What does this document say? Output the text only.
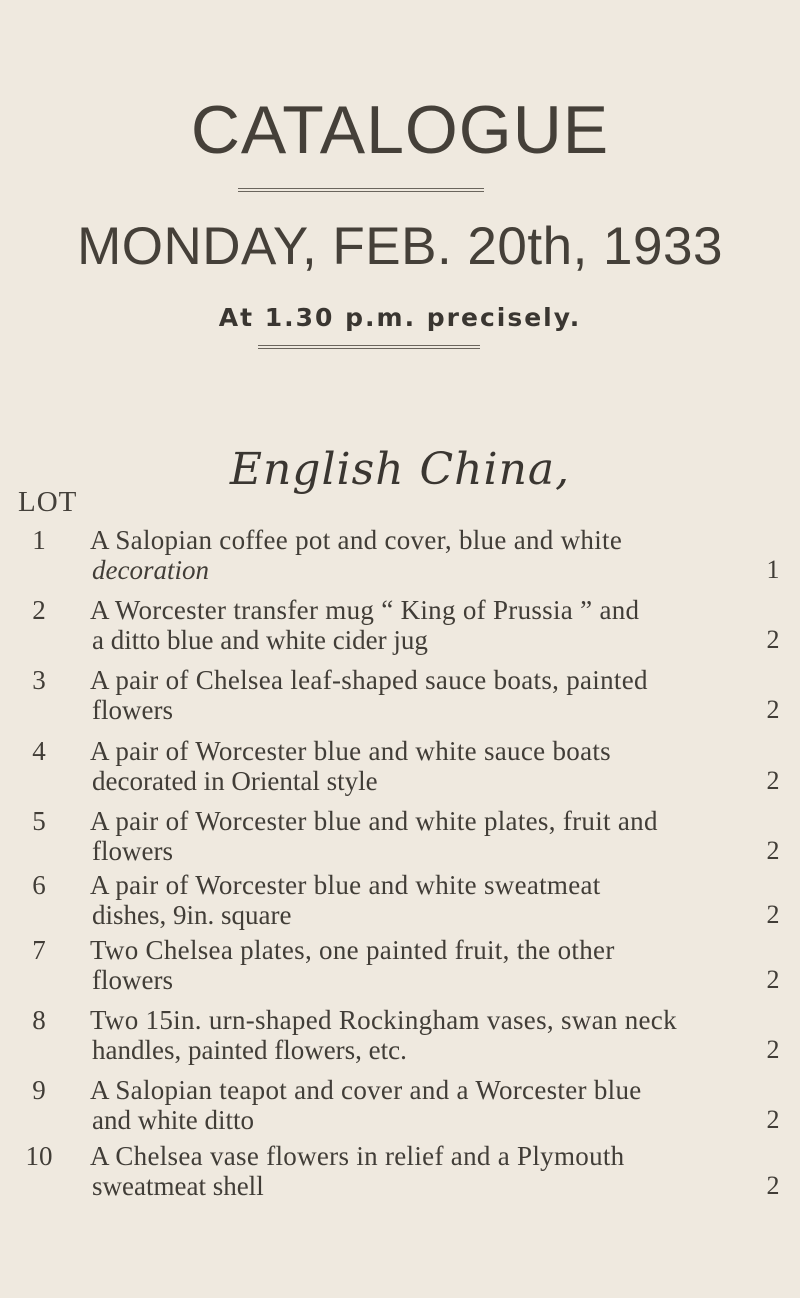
CATALOGUE
MONDAY, FEB. 20th, 1933
At 1.30 p.m. precisely.
English China,
LOT
1	A Salopian coffee pot and cover, blue and white
decoration	1
2	A Worcester transfer mug “ King of Prussia ” and
a ditto blue and white cider jug	2
3	A pair of Chelsea leaf-shaped sauce boats, painted
flowers	2
4	A pair of Worcester blue and white sauce boats
decorated in Oriental style	2
5	A pair of Worcester blue and white plates, fruit and
flowers	2
6	A pair of Worcester blue and white sweatmeat
dishes, 9in. square	2
7	Two Chelsea plates, one painted fruit, the other
flowers	2
8	Two 15in. urn-shaped Rockingham vases, swan neck
handles, painted flowers, etc.	2
9	A Salopian teapot and cover and a Worcester blue
and white ditto	2
10	A Chelsea vase flowers in relief and a Plymouth
sweatmeat shell	2
